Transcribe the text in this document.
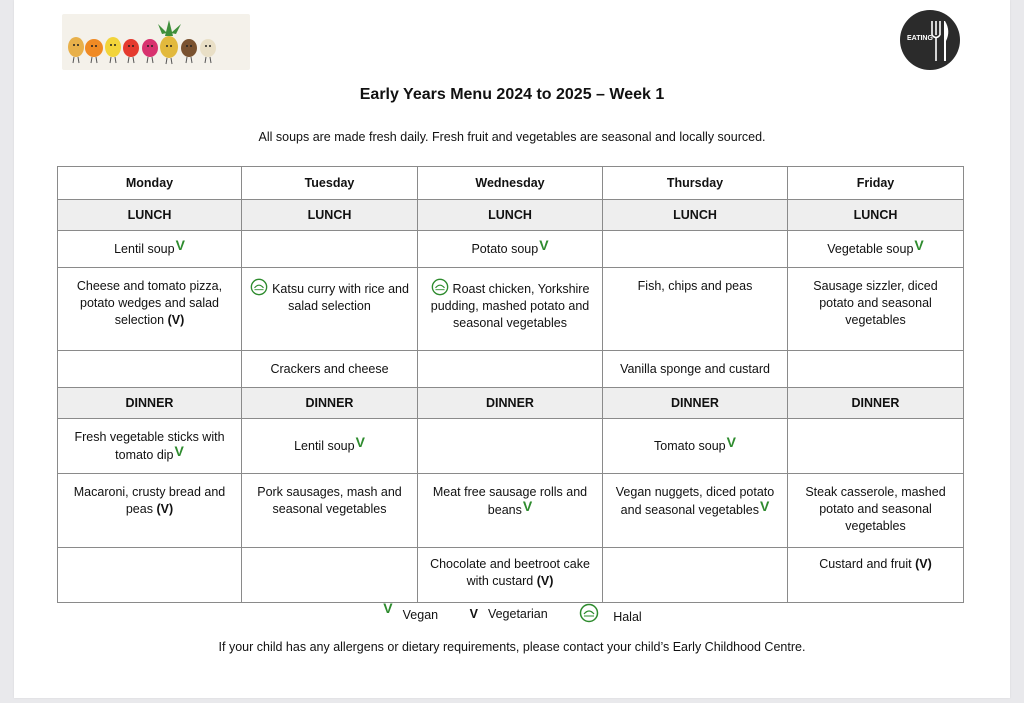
EATING
Early Years Menu 2024 to 2025 – Week 1
All soups are made fresh daily. Fresh fruit and vegetables are seasonal and locally sourced.
Monday	Tuesday	Wednesday	Thursday	Friday
LUNCH	LUNCH	LUNCH	LUNCH	LUNCH
Lentil soupV		Potato soupV		Vegetable soupV
Cheese and tomato pizza, potato wedges and salad selection (V)	Katsu curry with rice and salad selection	Roast chicken, Yorkshire pudding, mashed potato and seasonal vegetables	Fish, chips and peas	Sausage sizzler, diced potato and seasonal vegetables
	Crackers and cheese		Vanilla sponge and custard	
DINNER	DINNER	DINNER	DINNER	DINNER
Fresh vegetable sticks with tomato dipV	Lentil soupV		Tomato soupV	
Macaroni, crusty bread and peas (V)	Pork sausages, mash and seasonal vegetables	Meat free sausage rolls and beansV	Vegan nuggets, diced potato and seasonal vegetablesV	Steak casserole, mashed potato and seasonal vegetables
		Chocolate and beetroot cake with custard (V)		Custard and fruit (V)
V Vegan	V Vegetarian	Halal
If your child has any allergens or dietary requirements, please contact your child’s Early Childhood Centre.
